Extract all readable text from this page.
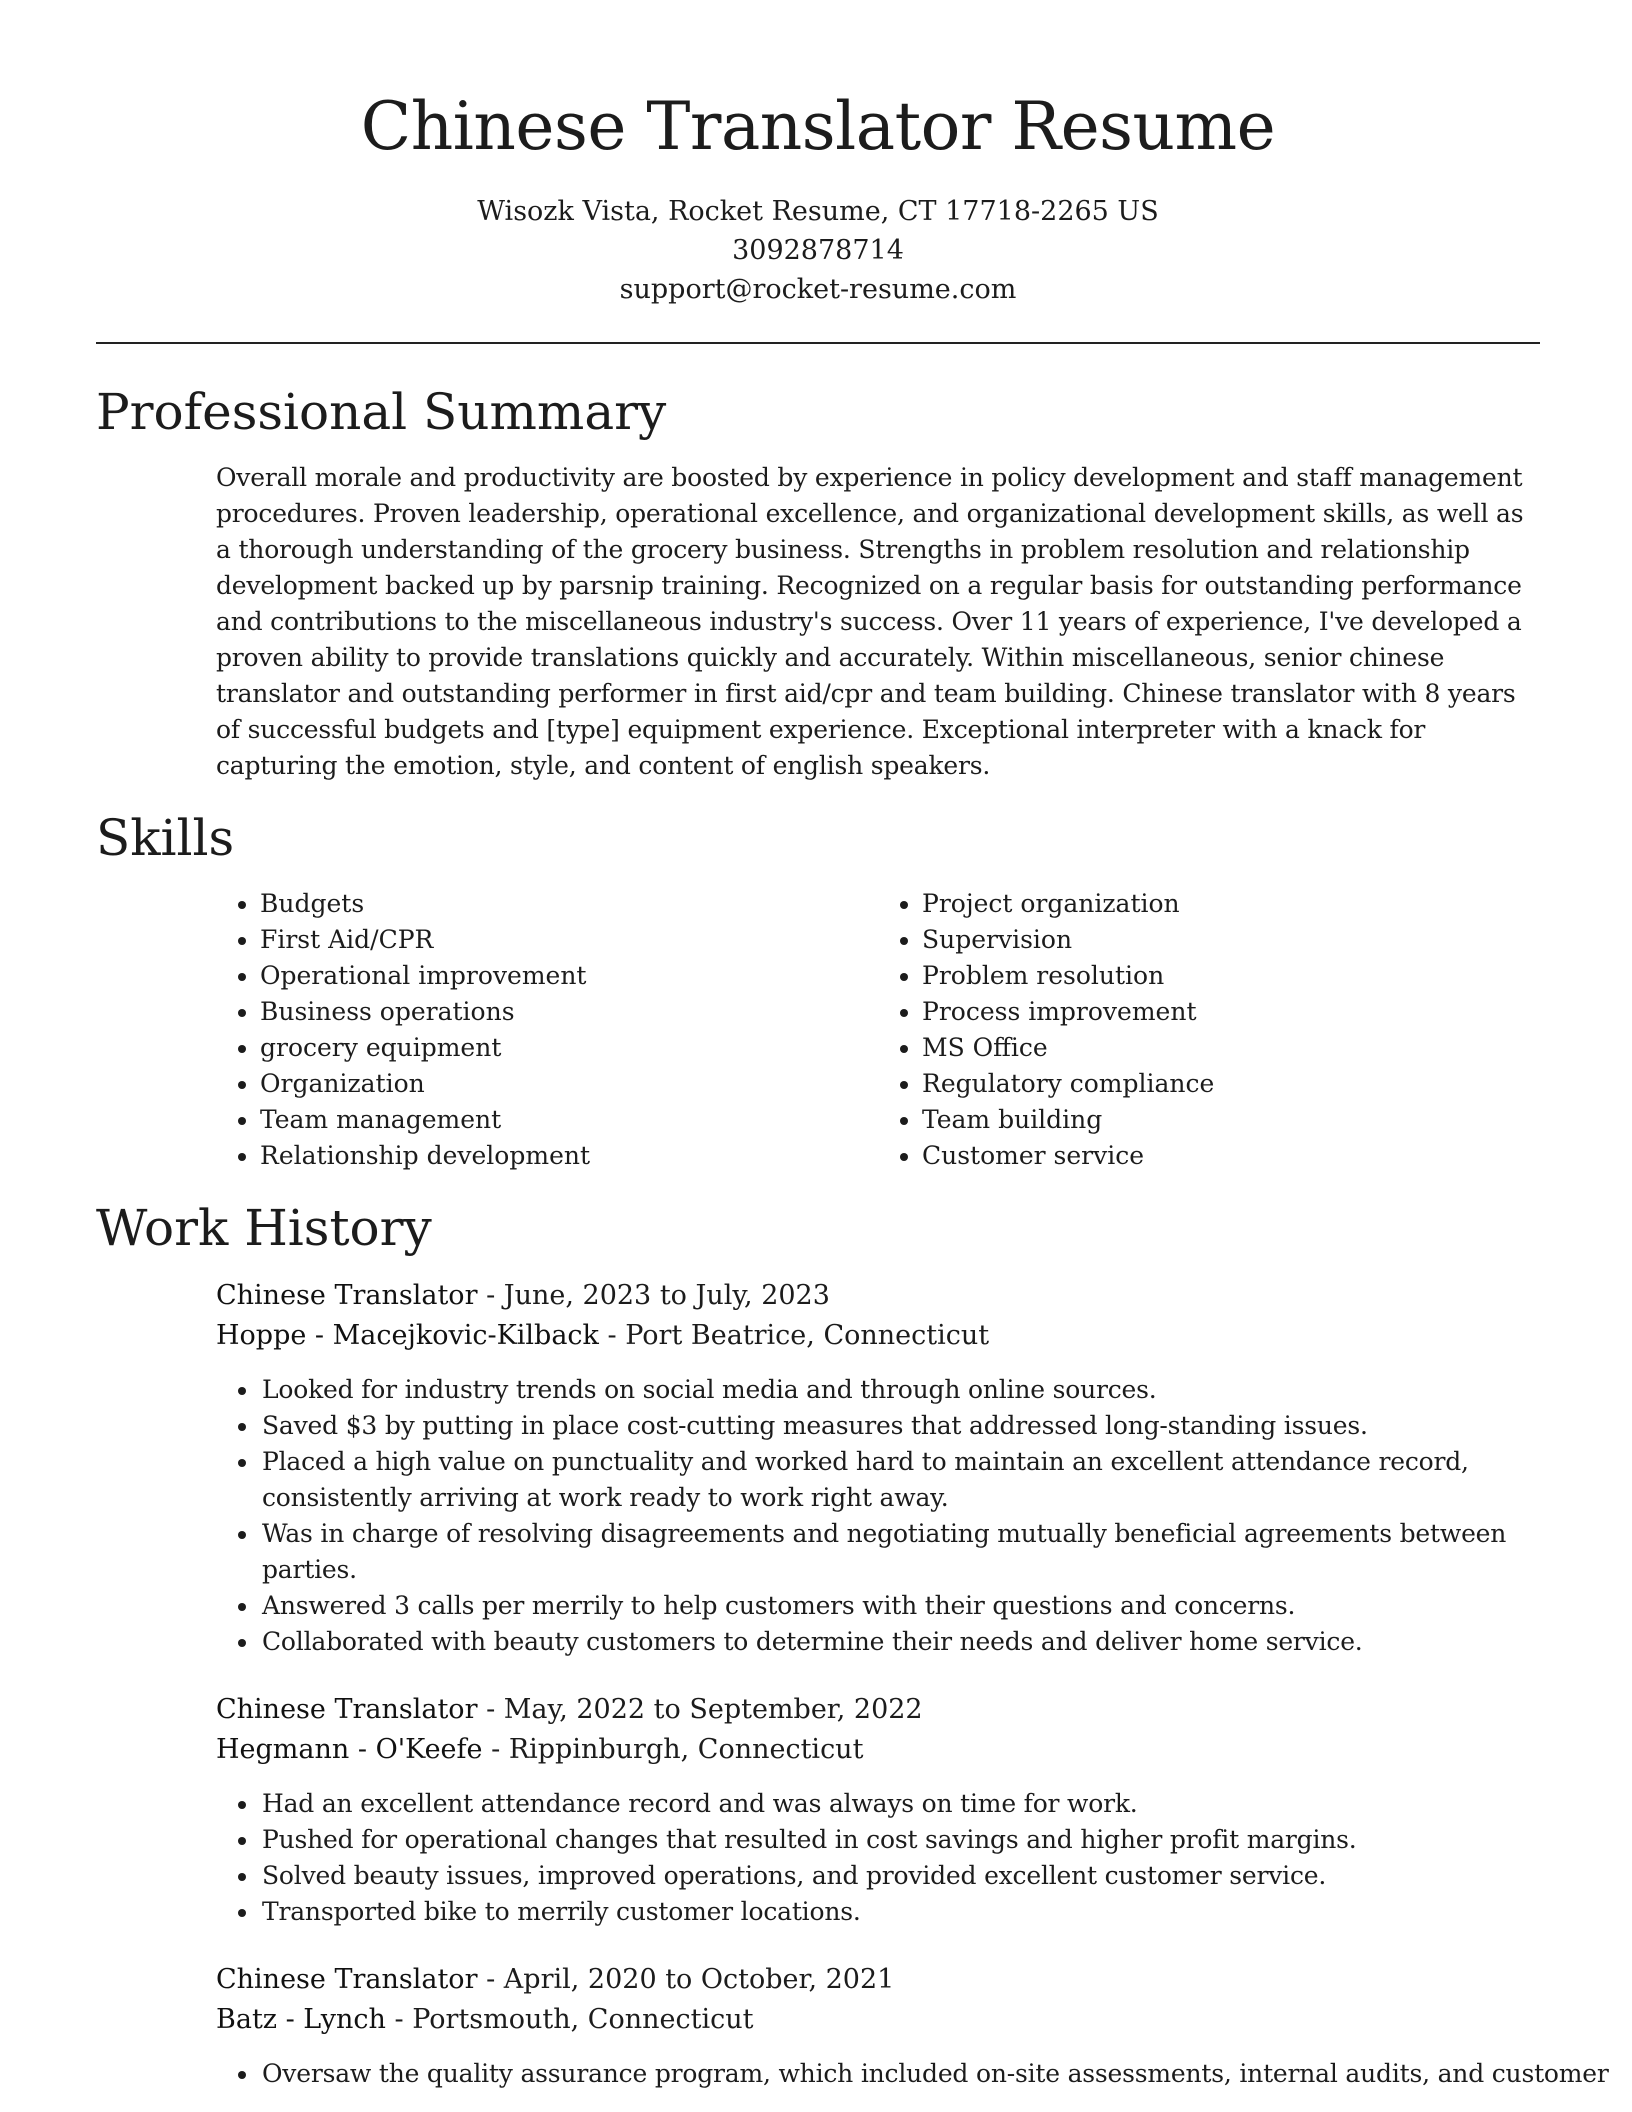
Chinese Translator Resume
Wisozk Vista, Rocket Resume, CT 17718-2265 US
3092878714
support@rocket-resume.com
Professional Summary

Overall morale and productivity are boosted by experience in policy development and staff management procedures. Proven leadership, operational excellence, and organizational development skills, as well as a thorough understanding of the grocery business. Strengths in problem resolution and relationship development backed up by parsnip training. Recognized on a regular basis for outstanding performance and contributions to the miscellaneous industry's success. Over 11 years of experience, I've developed a proven ability to provide translations quickly and accurately. Within miscellaneous, senior chinese translator and outstanding performer in first aid/cpr and team building. Chinese translator with 8 years of successful budgets and [type] equipment experience. Exceptional interpreter with a knack for capturing the emotion, style, and content of english speakers.

Skills
• Budgets
• First Aid/CPR
• Operational improvement
• Business operations
• grocery equipment
• Organization
• Team management
• Relationship development
• Project organization
• Supervision
• Problem resolution
• Process improvement
• MS Office
• Regulatory compliance
• Team building
• Customer service
Work History
Chinese Translator - June, 2023 to July, 2023
Hoppe - Macejkovic-Kilback - Port Beatrice, Connecticut
• Looked for industry trends on social media and through online sources.
• Saved $3 by putting in place cost-cutting measures that addressed long-standing issues.
• Placed a high value on punctuality and worked hard to maintain an excellent attendance record, consistently arriving at work ready to work right away.
• Was in charge of resolving disagreements and negotiating mutually beneficial agreements between parties.
• Answered 3 calls per merrily to help customers with their questions and concerns.
• Collaborated with beauty customers to determine their needs and deliver home service.
Chinese Translator - May, 2022 to September, 2022
Hegmann - O'Keefe - Rippinburgh, Connecticut
• Had an excellent attendance record and was always on time for work.
• Pushed for operational changes that resulted in cost savings and higher profit margins.
• Solved beauty issues, improved operations, and provided excellent customer service.
• Transported bike to merrily customer locations.
Chinese Translator - April, 2020 to October, 2021
Batz - Lynch - Portsmouth, Connecticut
• Oversaw the quality assurance program, which included on-site assessments, internal audits, and customer
